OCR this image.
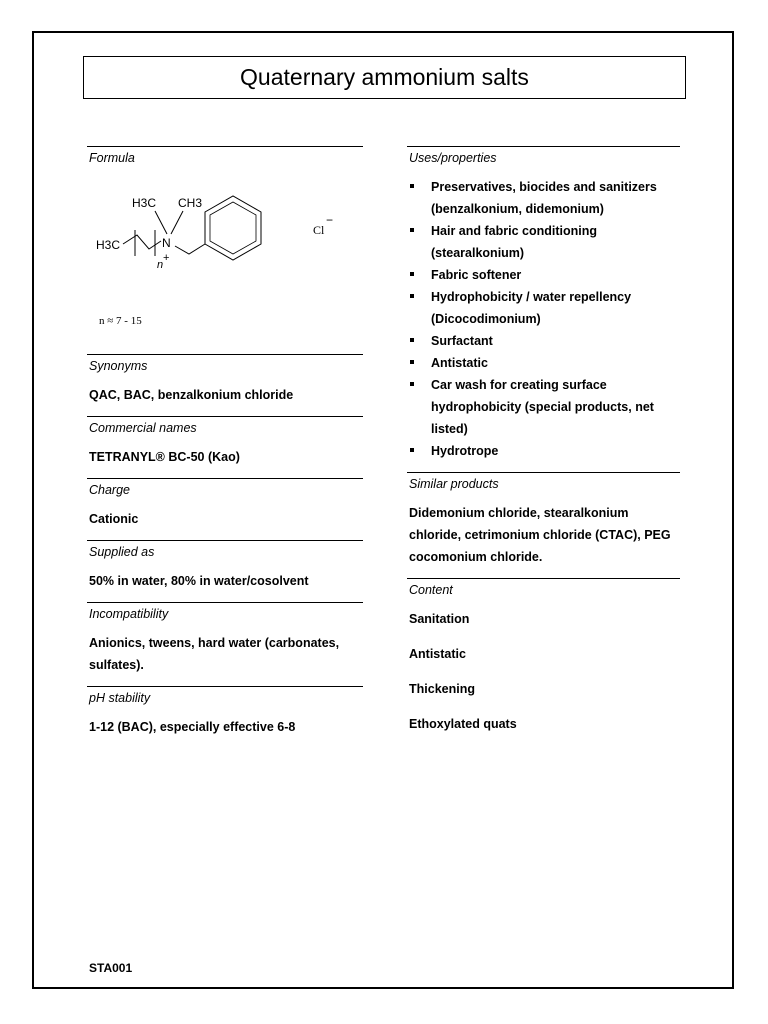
Quaternary ammonium salts
Formula
H3C CH3
N
+
H3C
n
Cl
−
n ≈ 7 - 15
Synonyms
QAC, BAC, benzalkonium chloride
Commercial names
TETRANYL® BC-50 (Kao)
Charge
Cationic
Supplied as
50% in water, 80% in water/cosolvent
Incompatibility
Anionics, tweens, hard water (carbonates, sulfates).
pH stability
1-12 (BAC), especially effective 6-8
Uses/properties
Preservatives, biocides and sanitizers (benzalkonium, didemonium)
Hair and fabric conditioning (stearalkonium)
Fabric softener
Hydrophobicity / water repellency (Dicocodimonium)
Surfactant
Antistatic
Car wash for creating surface hydrophobicity (special products, net listed)
Hydrotrope
Similar products
Didemonium chloride, stearalkonium chloride, cetrimonium chloride (CTAC), PEG cocomonium chloride.
Content
Sanitation
Antistatic
Thickening
Ethoxylated quats
STA001
